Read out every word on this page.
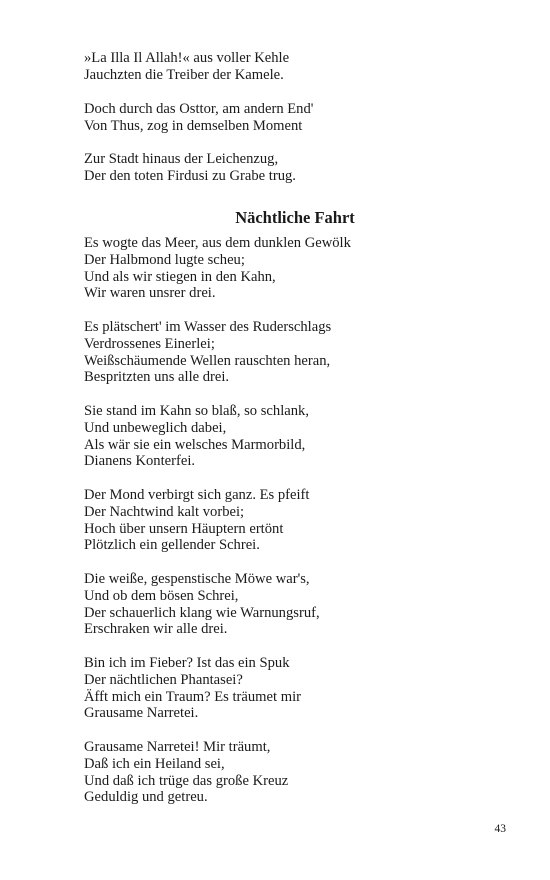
»La Illa Il Allah!« aus voller Kehle
Jauchzten die Treiber der Kamele.
Doch durch das Osttor, am andern End'
Von Thus, zog in demselben Moment
Zur Stadt hinaus der Leichenzug,
Der den toten Firdusi zu Grabe trug.
Nächtliche Fahrt
Es wogte das Meer, aus dem dunklen Gewölk
Der Halbmond lugte scheu;
Und als wir stiegen in den Kahn,
Wir waren unsrer drei.
Es plätschert' im Wasser des Ruderschlags
Verdrossenes Einerlei;
Weißschäumende Wellen rauschten heran,
Bespritzten uns alle drei.
Sie stand im Kahn so blaß, so schlank,
Und unbeweglich dabei,
Als wär sie ein welsches Marmorbild,
Dianens Konterfei.
Der Mond verbirgt sich ganz. Es pfeift
Der Nachtwind kalt vorbei;
Hoch über unsern Häuptern ertönt
Plötzlich ein gellender Schrei.
Die weiße, gespenstische Möwe war's,
Und ob dem bösen Schrei,
Der schauerlich klang wie Warnungsruf,
Erschraken wir alle drei.
Bin ich im Fieber? Ist das ein Spuk
Der nächtlichen Phantasei?
Äfft mich ein Traum? Es träumet mir
Grausame Narretei.
Grausame Narretei! Mir träumt,
Daß ich ein Heiland sei,
Und daß ich trüge das große Kreuz
Geduldig und getreu.
43
